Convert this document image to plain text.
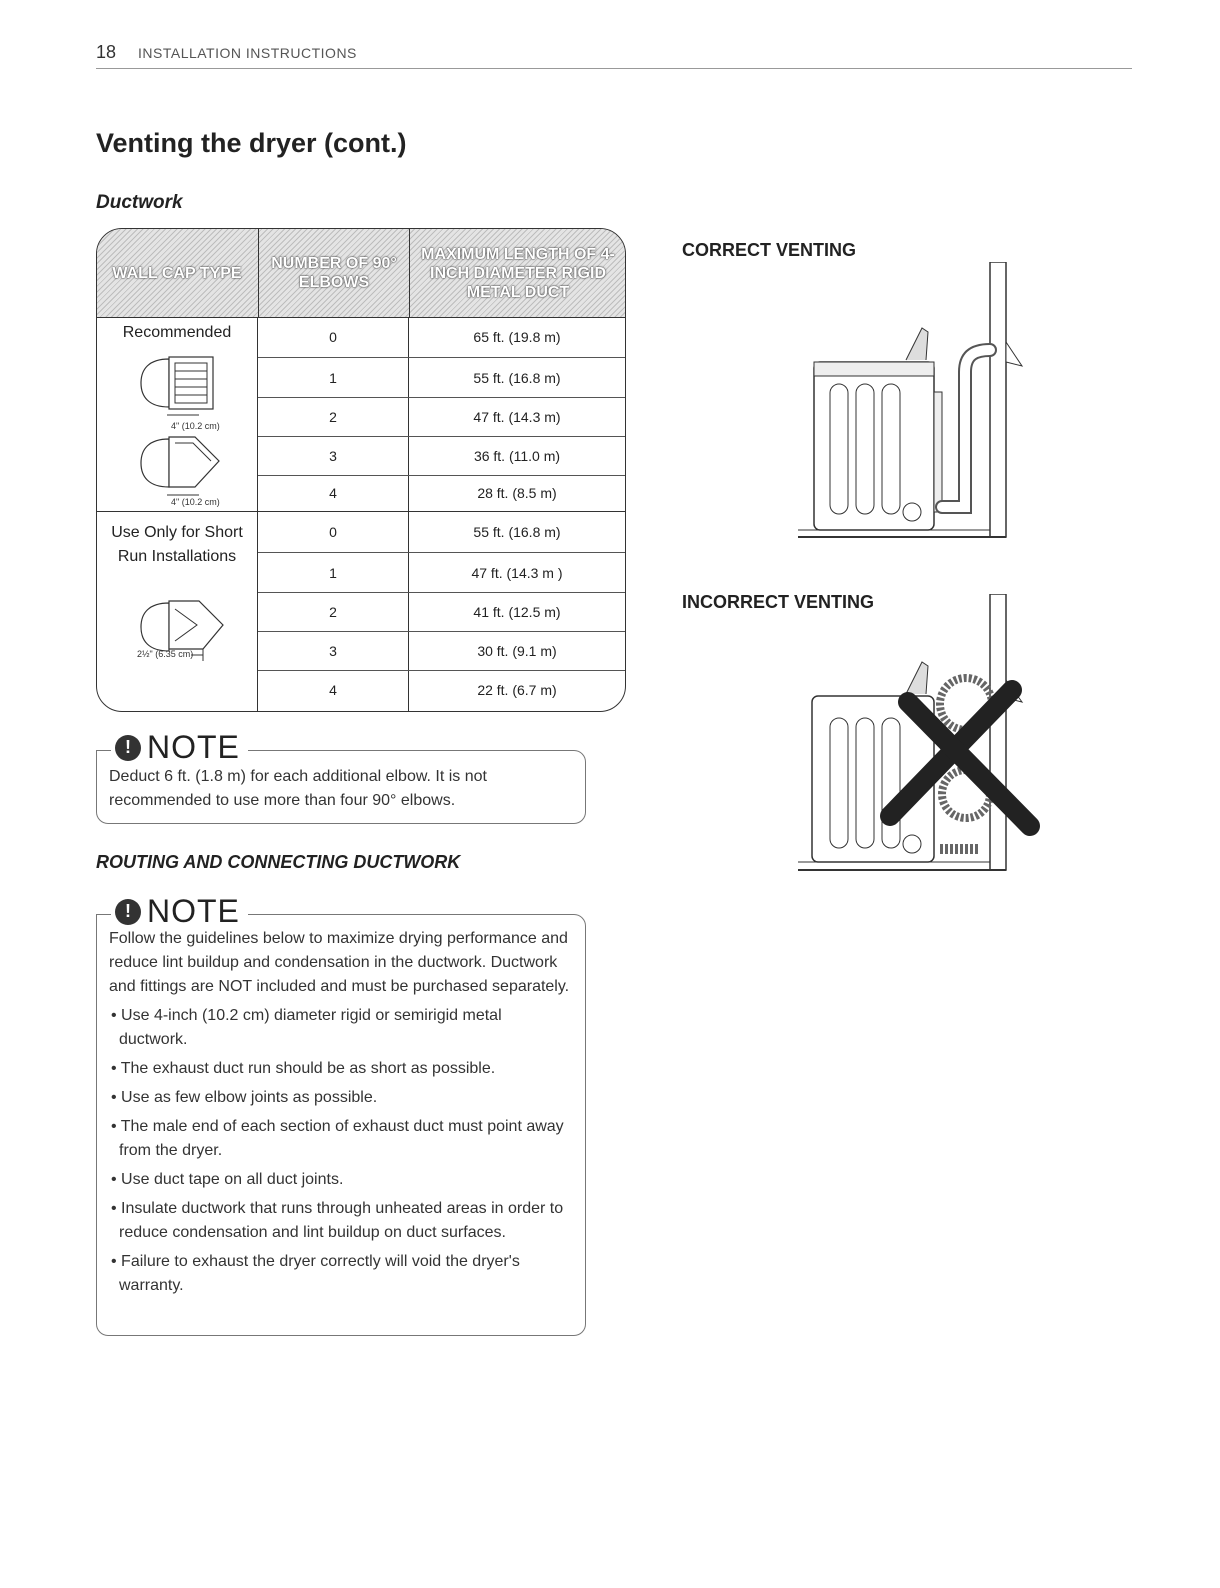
18 INSTALLATION INSTRUCTIONS
Venting the dryer (cont.)
Ductwork
WALL CAP TYPE
NUMBER OF 90° ELBOWS
MAXIMUM LENGTH OF 4-INCH DIAMETER RIGID METAL DUCT
Recommended
4" (10.2 cm)
4" (10.2 cm)
0	65 ft. (19.8 m)
1	55 ft. (16.8 m)
2	47 ft. (14.3 m)
3	36 ft. (11.0 m)
4	28 ft. (8.5 m)
Use Only for Short
Run Installations
2½" (6.35 cm)
0	55 ft. (16.8 m)
1	47 ft. (14.3 m )
2	41 ft. (12.5 m)
3	30 ft. (9.1 m)
4	22 ft. (6.7 m)
! NOTE

Deduct 6 ft. (1.8 m) for each additional elbow. It is not recommended to use more than four 90° elbows.

ROUTING AND CONNECTING DUCTWORK
! NOTE

Follow the guidelines below to maximize drying performance and reduce lint buildup and condensation in the ductwork. Ductwork and fittings are NOT included and must be purchased separately.

• Use 4-inch (10.2 cm) diameter rigid or semirigid metal ductwork.

• The exhaust duct run should be as short as possible.

• Use as few elbow joints as possible.

• The male end of each section of exhaust duct must point away from the dryer.

• Use duct tape on all duct joints.

• Insulate ductwork that runs through unheated areas in order to reduce condensation and lint buildup on duct surfaces.

• Failure to exhaust the dryer correctly will void the dryer's warranty.

CORRECT VENTING
INCORRECT VENTING
